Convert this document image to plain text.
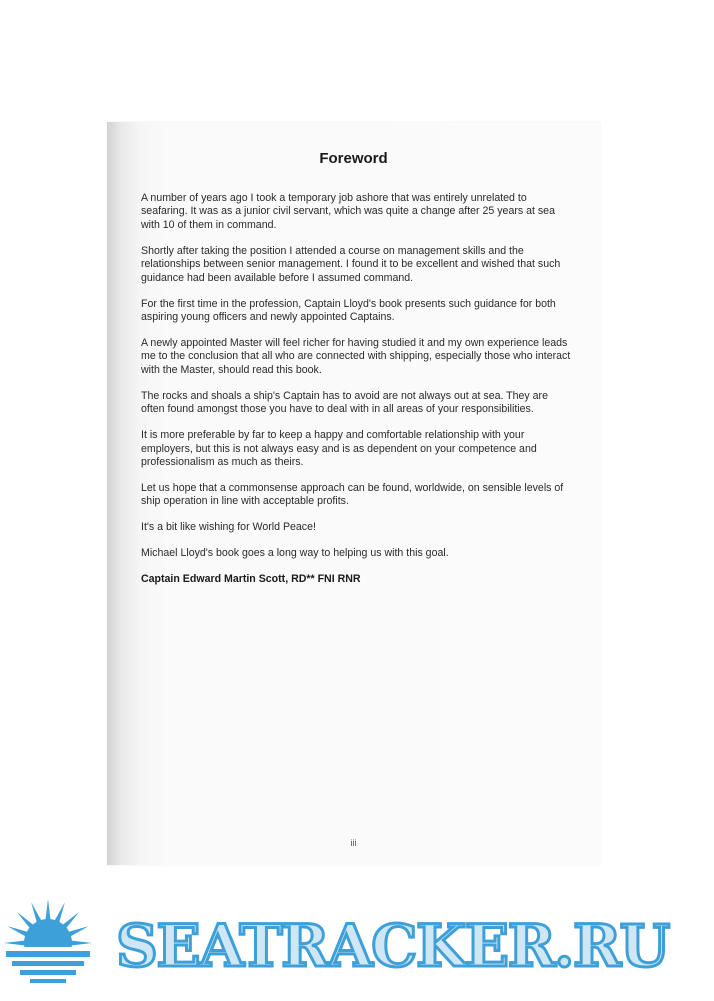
Foreword

A number of years ago I took a temporary job ashore that was entirely unrelated to seafaring. It was as a junior civil servant, which was quite a change after 25 years at sea with 10 of them in command.

Shortly after taking the position I attended a course on management skills and the relationships between senior management. I found it to be excellent and wished that such guidance had been available before I assumed command.

For the first time in the profession, Captain Lloyd's book presents such guidance for both aspiring young officers and newly appointed Captains.

A newly appointed Master will feel richer for having studied it and my own experience leads me to the conclusion that all who are connected with shipping, especially those who interact with the Master, should read this book.

The rocks and shoals a ship's Captain has to avoid are not always out at sea. They are often found amongst those you have to deal with in all areas of your responsibilities.

It is more preferable by far to keep a happy and comfortable relationship with your employers, but this is not always easy and is as dependent on your competence and professionalism as much as theirs.

Let us hope that a commonsense approach can be found, worldwide, on sensible levels of ship operation in line with acceptable profits.

It's a bit like wishing for World Peace!

Michael Lloyd's book goes a long way to helping us with this goal.

Captain Edward Martin Scott, RD** FNI RNR

iii
SEATRACKER.RU
